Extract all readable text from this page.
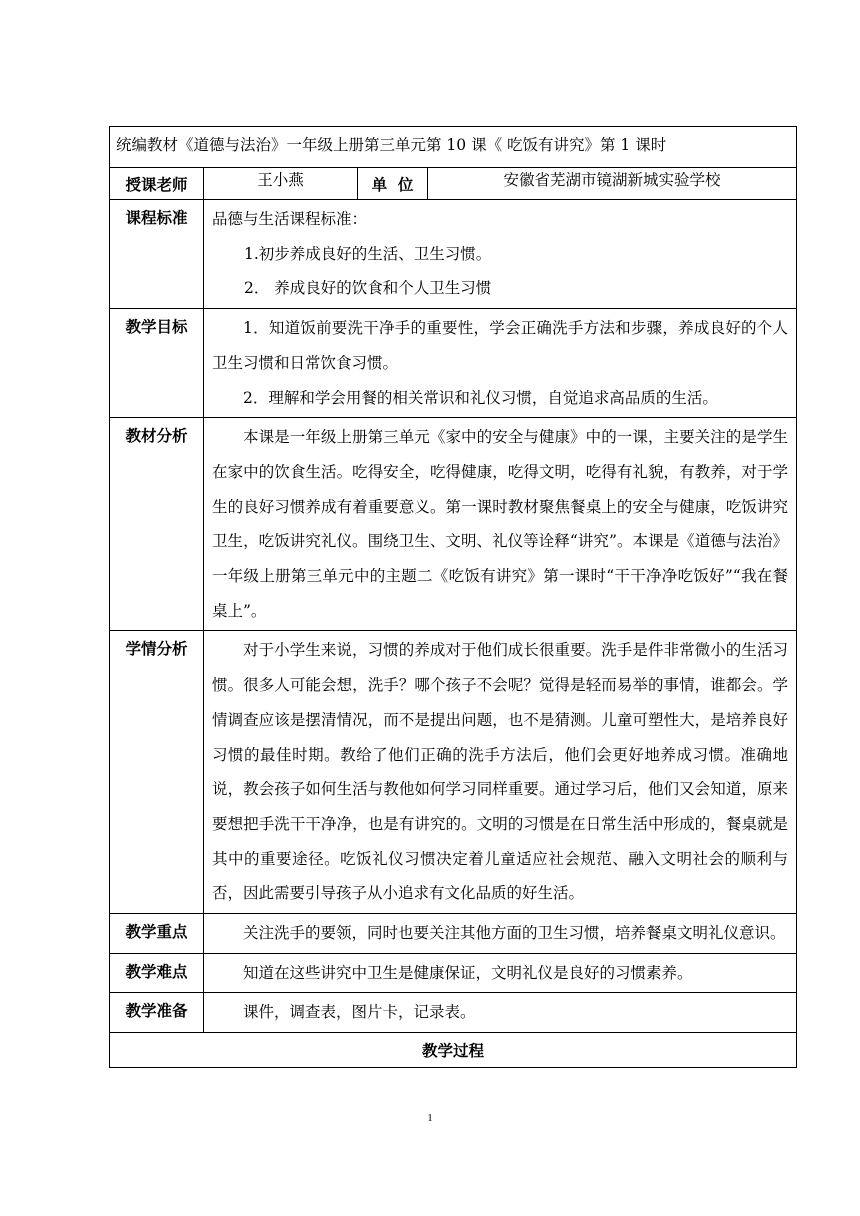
统编教材《道德与法治》一年级上册第三单元第 10 课《 吃饭有讲究》第 1 课时			
授课老师	王小燕	单  位	安徽省芜湖市镜湖新城实验学校
课程标准	品德与生活课程标准：

1.初步养成良好的生活、卫生习惯。

2． 养成良好的饮食和个人卫生习惯		

教学目标	1．知道饭前要洗干净手的重要性，学会正确洗手方法和步骤，养成良好的个人卫生习惯和日常饮食习惯。

2．理解和学会用餐的相关常识和礼仪习惯，自觉追求高品质的生活。		

教材分析	本课是一年级上册第三单元《家中的安全与健康》中的一课，主要关注的是学生在家中的饮食生活。吃得安全，吃得健康，吃得文明，吃得有礼貌，有教养，对于学生的良好习惯养成有着重要意义。第一课时教材聚焦餐桌上的安全与健康，吃饭讲究卫生，吃饭讲究礼仪。围绕卫生、文明、礼仪等诠释“讲究”。本课是《道德与法治》一年级上册第三单元中的主题二《吃饭有讲究》第一课时“干干净净吃饭好”“我在餐桌上”。		

学情分析	对于小学生来说，习惯的养成对于他们成长很重要。洗手是件非常微小的生活习惯。很多人可能会想，洗手？哪个孩子不会呢？觉得是轻而易举的事情，谁都会。学情调查应该是摆清情况，而不是提出问题，也不是猜测。儿童可塑性大，是培养良好习惯的最佳时期。教给了他们正确的洗手方法后，他们会更好地养成习惯。准确地说，教会孩子如何生活与教他如何学习同样重要。通过学习后，他们又会知道，原来要想把手洗干干净净，也是有讲究的。文明的习惯是在日常生活中形成的，餐桌就是其中的重要途径。吃饭礼仪习惯决定着儿童适应社会规范、融入文明社会的顺利与否，因此需要引导孩子从小追求有文化品质的好生活。		

教学重点	关注洗手的要领，同时也要关注其他方面的卫生习惯，培养餐桌文明礼仪意识。		

教学难点	知道在这些讲究中卫生是健康保证，文明礼仪是良好的习惯素养。		

教学准备	课件，调查表，图片卡，记录表。		

教学过程			
1
